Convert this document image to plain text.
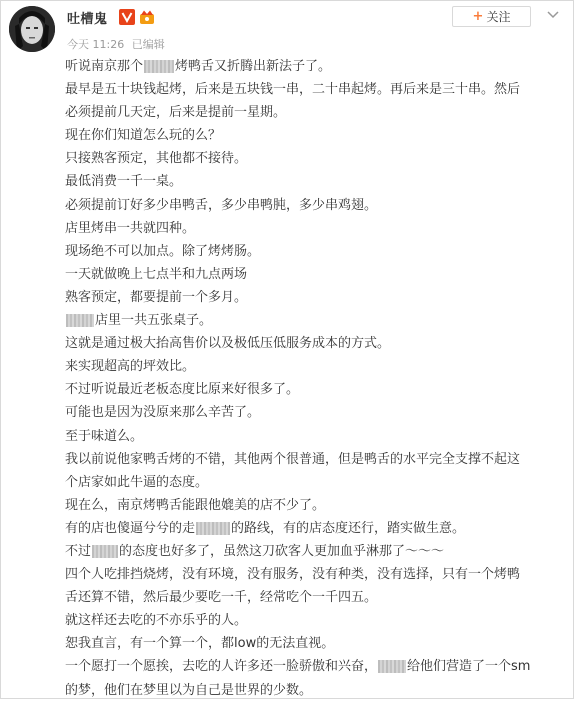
吐槽鬼	+ 关注
今天 11:26 已编辑
听说南京那个 烤鸭舌又折腾出新法子了。
最早是五十块钱起烤，后来是五块钱一串，二十串起烤。再后来是三十串。然后
必须提前几天定，后来是提前一星期。
现在你们知道怎么玩的么？
只接熟客预定，其他都不接待。
最低消费一千一桌。
必须提前订好多少串鸭舌，多少串鸭肫，多少串鸡翅。
店里烤串一共就四种。
现场绝不可以加点。除了烤烤肠。
一天就做晚上七点半和九点两场
熟客预定，都要提前一个多月。
店里一共五张桌子。
这就是通过极大抬高售价以及极低压低服务成本的方式。
来实现超高的坪效比。
不过听说最近老板态度比原来好很多了。
可能也是因为没原来那么辛苦了。
至于味道么。
我以前说他家鸭舌烤的不错，其他两个很普通，但是鸭舌的水平完全支撑不起这
个店家如此牛逼的态度。
现在么，南京烤鸭舌能跟他媲美的店不少了。
有的店也傻逼兮兮的走	的路线，有的店态度还行，踏实做生意。
不过 的态度也好多了，虽然这刀砍客人更加血乎淋那了～～～
四个人吃排挡烧烤，没有环境，没有服务，没有种类，没有选择，只有一个烤鸭
舌还算不错，然后最少要吃一千，经常吃个一千四五。
就这样还去吃的不亦乐乎的人。
恕我直言，有一个算一个，都low的无法直视。
一个愿打一个愿挨，去吃的人许多还一脸骄傲和兴奋， 给他们营造了一个sm
的梦，他们在梦里以为自己是世界的少数。
